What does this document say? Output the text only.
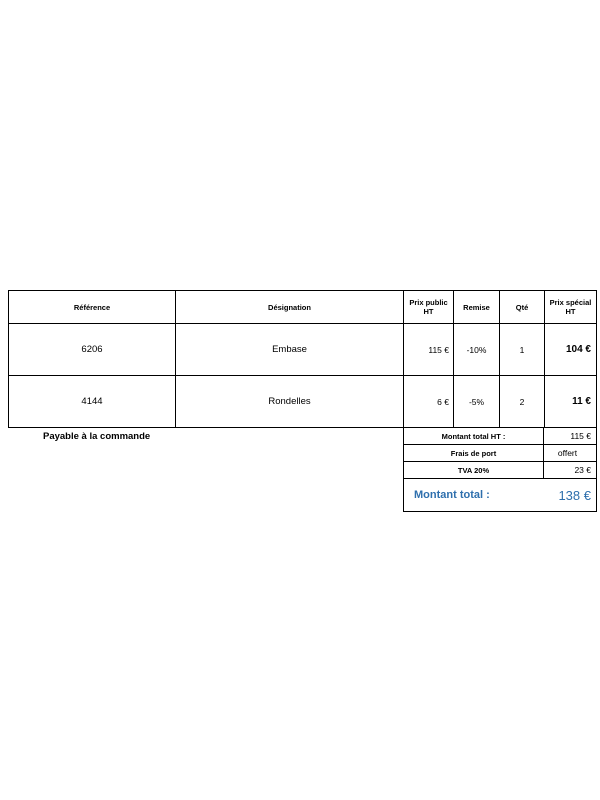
Référence	Désignation	Prix public HT	Remise	Qté	Prix spécial HT
6206	Embase	115 €	-10%	1	104 €
4144	Rondelles	6 €	-5%	2	11 €
Payable à la commande	Montant total HT :	115 €
Frais de port	offert
TVA 20%	23 €
Montant total :	138 €
